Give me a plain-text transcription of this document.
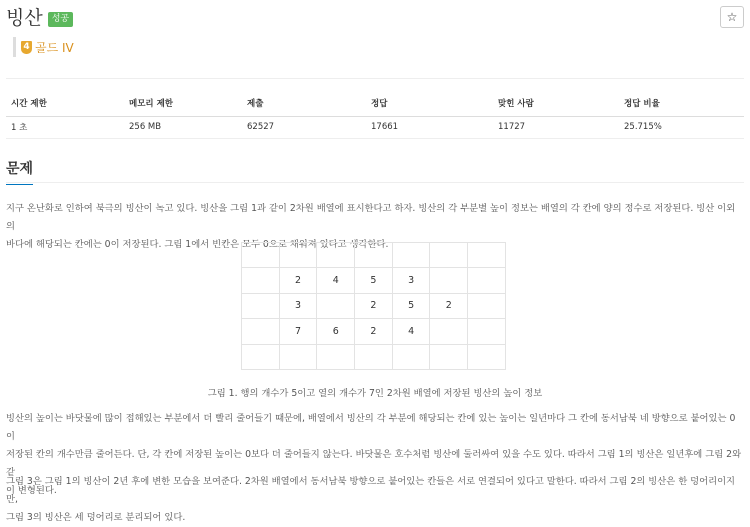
빙산	성공	☆
4 골드 IV
시간 제한	메모리 제한	제출	정답	맞힌 사람	정답 비율
1 초	256 MB	62527	17661	11727	25.715%
문제
지구 온난화로 인하여 북극의 빙산이 녹고 있다. 빙산을 그림 1과 같이 2차원 배열에 표시한다고 하자. 빙산의 각 부분별 높이 정보는 배열의 각 칸에 양의 정수로 저장된다. 빙산 이외의
바다에 해당되는 칸에는 0이 저장된다. 그림 1에서 빈칸은 모두 0으로 채워져 있다고 생각한다.

	2	4	5	3		
	3		2	5	2	
	7	6	2	4		

그림 1. 행의 개수가 5이고 열의 개수가 7인 2차원 배열에 저장된 빙산의 높이 정보
빙산의 높이는 바닷물에 많이 접해있는 부분에서 더 빨리 줄어들기 때문에, 배열에서 빙산의 각 부분에 해당되는 칸에 있는 높이는 일년마다 그 칸에 동서남북 네 방향으로 붙어있는 0이
저장된 칸의 개수만큼 줄어든다. 단, 각 칸에 저장된 높이는 0보다 더 줄어들지 않는다. 바닷물은 호수처럼 빙산에 둘러싸여 있을 수도 있다. 따라서 그림 1의 빙산은 일년후에 그림 2와 같
이 변형된다.
그림 3은 그림 1의 빙산이 2년 후에 변한 모습을 보여준다. 2차원 배열에서 동서남북 방향으로 붙어있는 칸들은 서로 연결되어 있다고 말한다. 따라서 그림 2의 빙산은 한 덩어리이지만,
그림 3의 빙산은 세 덩어리로 분리되어 있다.
